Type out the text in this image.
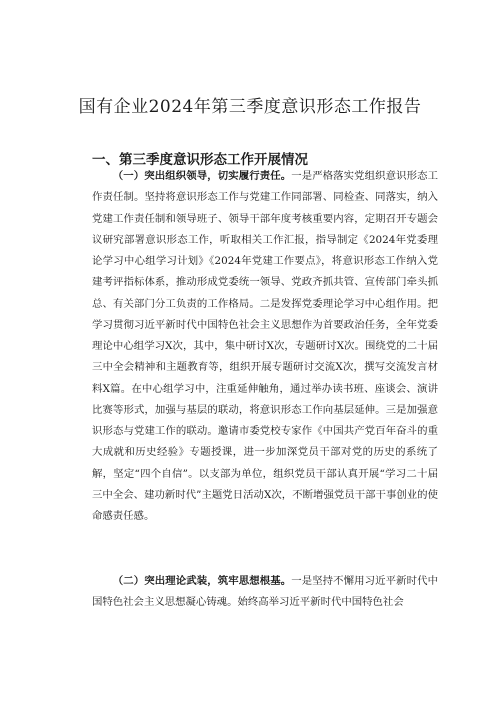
国有企业2024年第三季度意识形态工作报告
一、第三季度意识形态工作开展情况

（一）突出组织领导，切实履行责任。一是严格落实党组织意识形态工作责任制。坚持将意识形态工作与党建工作同部署、同检查、同落实，纳入党建工作责任制和领导班子、领导干部年度考核重要内容，定期召开专题会议研究部署意识形态工作，听取相关工作汇报，指导制定《2024年党委理论学习中心组学习计划》《2024年党建工作要点》，将意识形态工作纳入党建考评指标体系，推动形成党委统一领导、党政齐抓共管、宣传部门牵头抓总、有关部门分工负责的工作格局。二是发挥党委理论学习中心组作用。把学习贯彻习近平新时代中国特色社会主义思想作为首要政治任务，全年党委理论中心组学习X次，其中，集中研讨X次，专题研讨X次。围绕党的二十届三中全会精神和主题教育等，组织开展专题研讨交流X次，撰写交流发言材料X篇。在中心组学习中，注重延伸触角，通过举办读书班、座谈会、演讲比赛等形式，加强与基层的联动，将意识形态工作向基层延伸。三是加强意识形态与党建工作的联动。邀请市委党校专家作《中国共产党百年奋斗的重大成就和历史经验》专题授课，进一步加深党员干部对党的历史的系统了解，坚定“四个自信”。以支部为单位，组织党员干部认真开展“学习二十届三中全会、建功新时代”主题党日活动X次，不断增强党员干部干事创业的使命感责任感。

（二）突出理论武装，筑牢思想根基。一是坚持不懈用习近平新时代中国特色社会主义思想凝心铸魂。始终高举习近平新时代中国特色社会
